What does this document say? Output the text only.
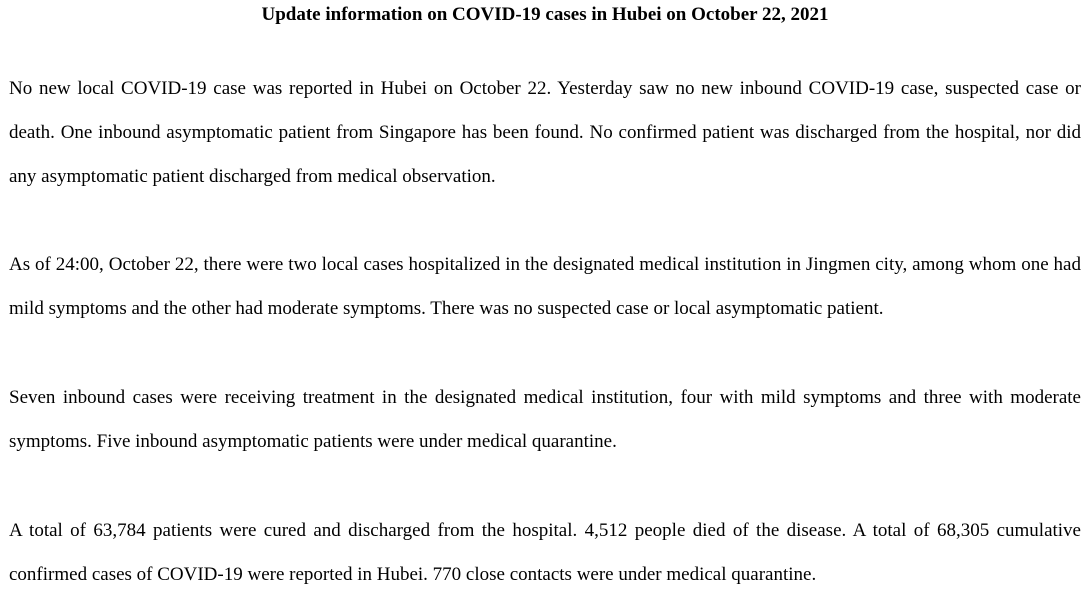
Update information on COVID-19 cases in Hubei on October 22, 2021

No new local COVID-19 case was reported in Hubei on October 22. Yesterday saw no new inbound COVID-19 case, suspected case or death. One inbound asymptomatic patient from Singapore has been found. No confirmed patient was discharged from the hospital, nor did any asymptomatic patient discharged from medical observation.

As of 24:00, October 22, there were two local cases hospitalized in the designated medical institution in Jingmen city, among whom one had mild symptoms and the other had moderate symptoms. There was no suspected case or local asymptomatic patient.

Seven inbound cases were receiving treatment in the designated medical institution, four with mild symptoms and three with moderate symptoms. Five inbound asymptomatic patients were under medical quarantine.

A total of 63,784 patients were cured and discharged from the hospital. 4,512 people died of the disease. A total of 68,305 cumulative confirmed cases of COVID-19 were reported in Hubei. 770 close contacts were under medical quarantine.
